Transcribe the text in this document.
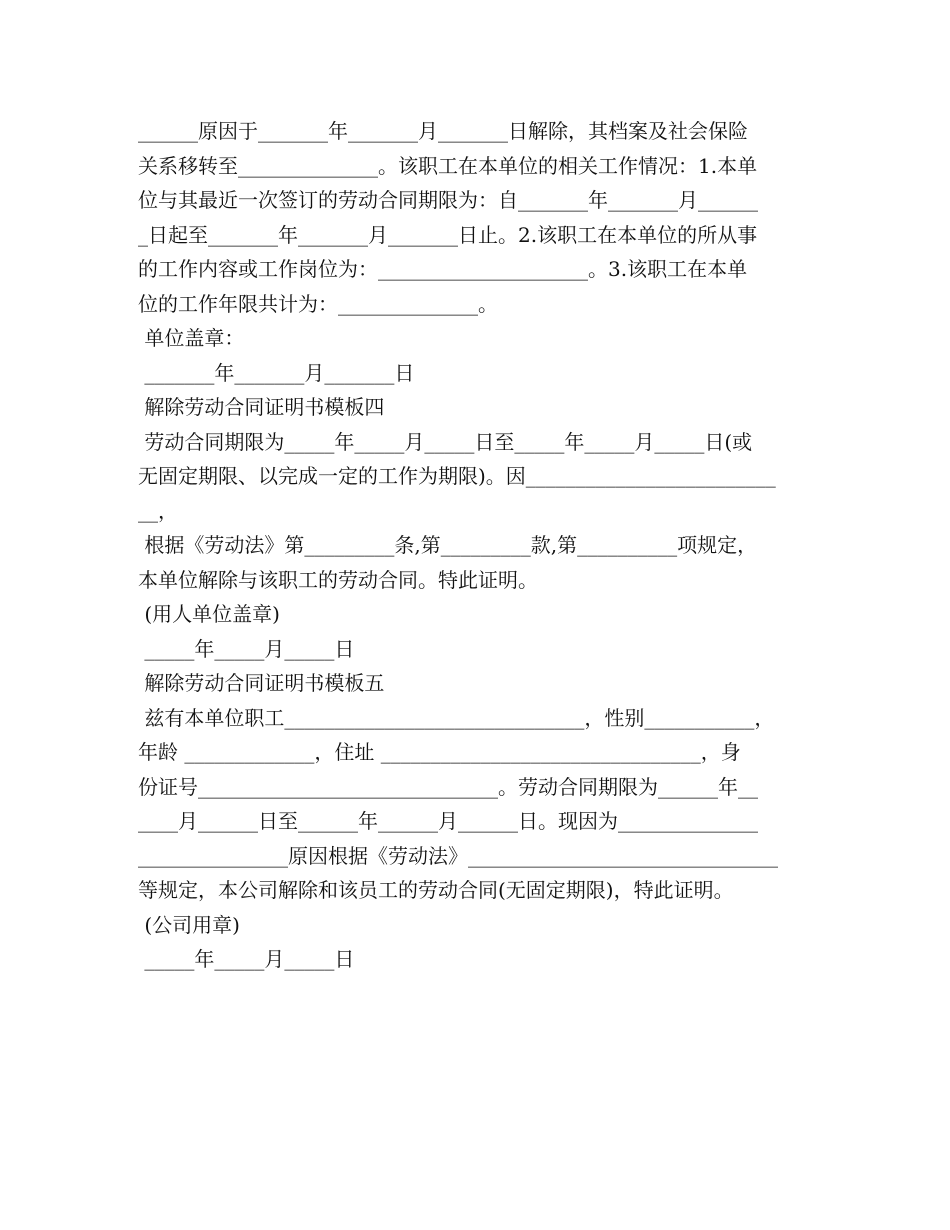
______原因于_______年_______月_______日解除，其档案及社会保险
关系移转至______________。该职工在本单位的相关工作情况：1.本单
位与其最近一次签订的劳动合同期限为：自_______年_______月______
_日起至_______年_______月_______日止。2.该职工在本单位的所从事
的工作内容或工作岗位为：_____________________。3.该职工在本单
位的工作年限共计为：______________。
单位盖章：
_______年_______月_______日
解除劳动合同证明书模板四
劳动合同期限为_____年_____月_____日至_____年_____月_____日(或
无固定期限、以完成一定的工作为期限)。因_________________________
__，
根据《劳动法》第_________条,第_________款,第__________项规定，
本单位解除与该职工的劳动合同。特此证明。
(用人单位盖章)
_____年_____月_____日
解除劳动合同证明书模板五
兹有本单位职工______________________________，性别___________，
年龄 _____________，住址 ________________________________，身
份证号______________________________。劳动合同期限为______年__
____月______日至______年______月______日。现因为______________
_______________原因根据《劳动法》_______________________________
等规定，本公司解除和该员工的劳动合同(无固定期限)，特此证明。
(公司用章)
_____年_____月_____日
